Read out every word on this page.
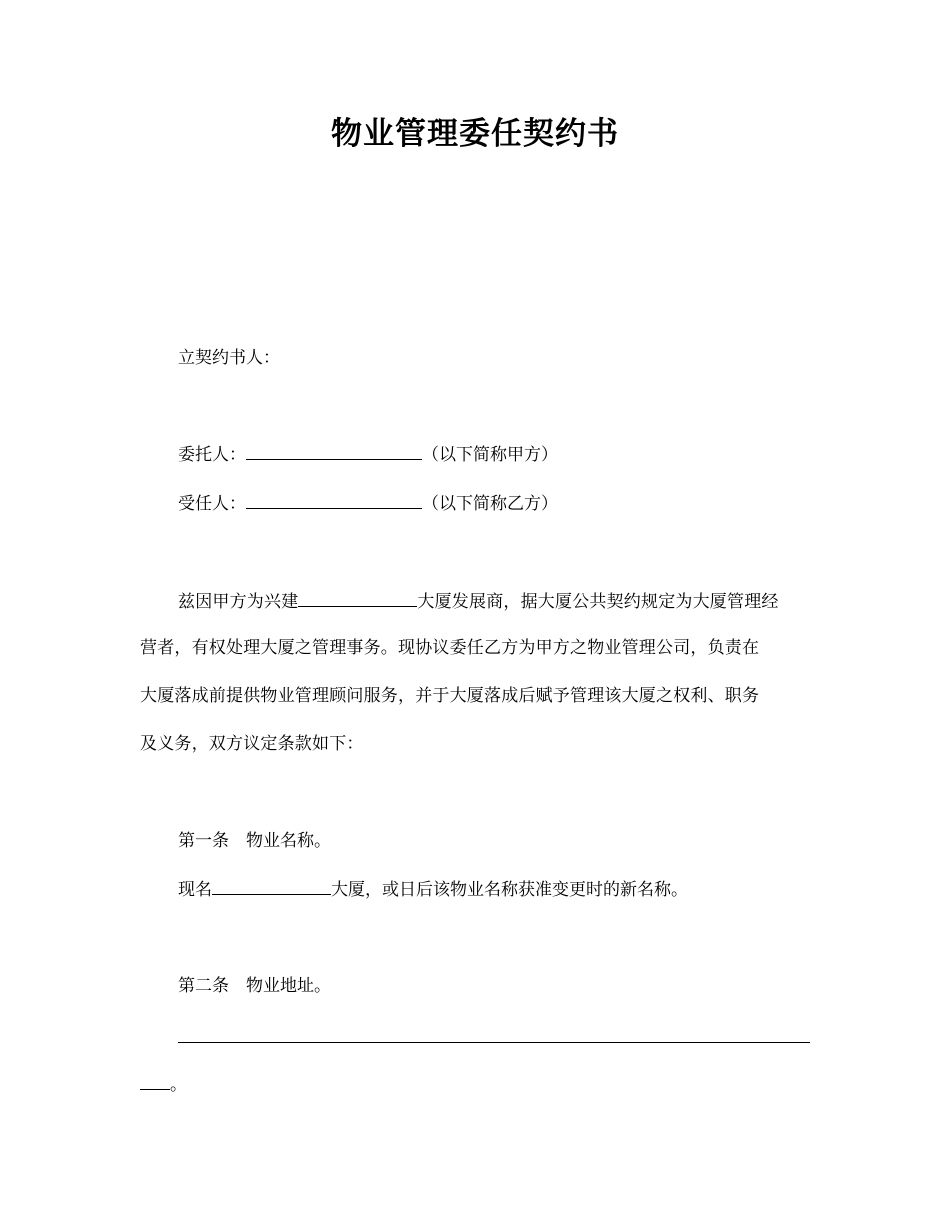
物业管理委任契约书
立契约书人：
委托人：	（以下简称甲方）
受任人：	（以下简称乙方）
兹因甲方为兴建	大厦发展商，据大厦公共契约规定为大厦管理经
营者，有权处理大厦之管理事务。现协议委任乙方为甲方之物业管理公司，负责在
大厦落成前提供物业管理顾问服务，并于大厦落成后赋予管理该大厦之权利、职务
及义务，双方议定条款如下：
第一条　物业名称。
现名	大厦，或日后该物业名称获准变更时的新名称。
第二条　物业地址。
。
